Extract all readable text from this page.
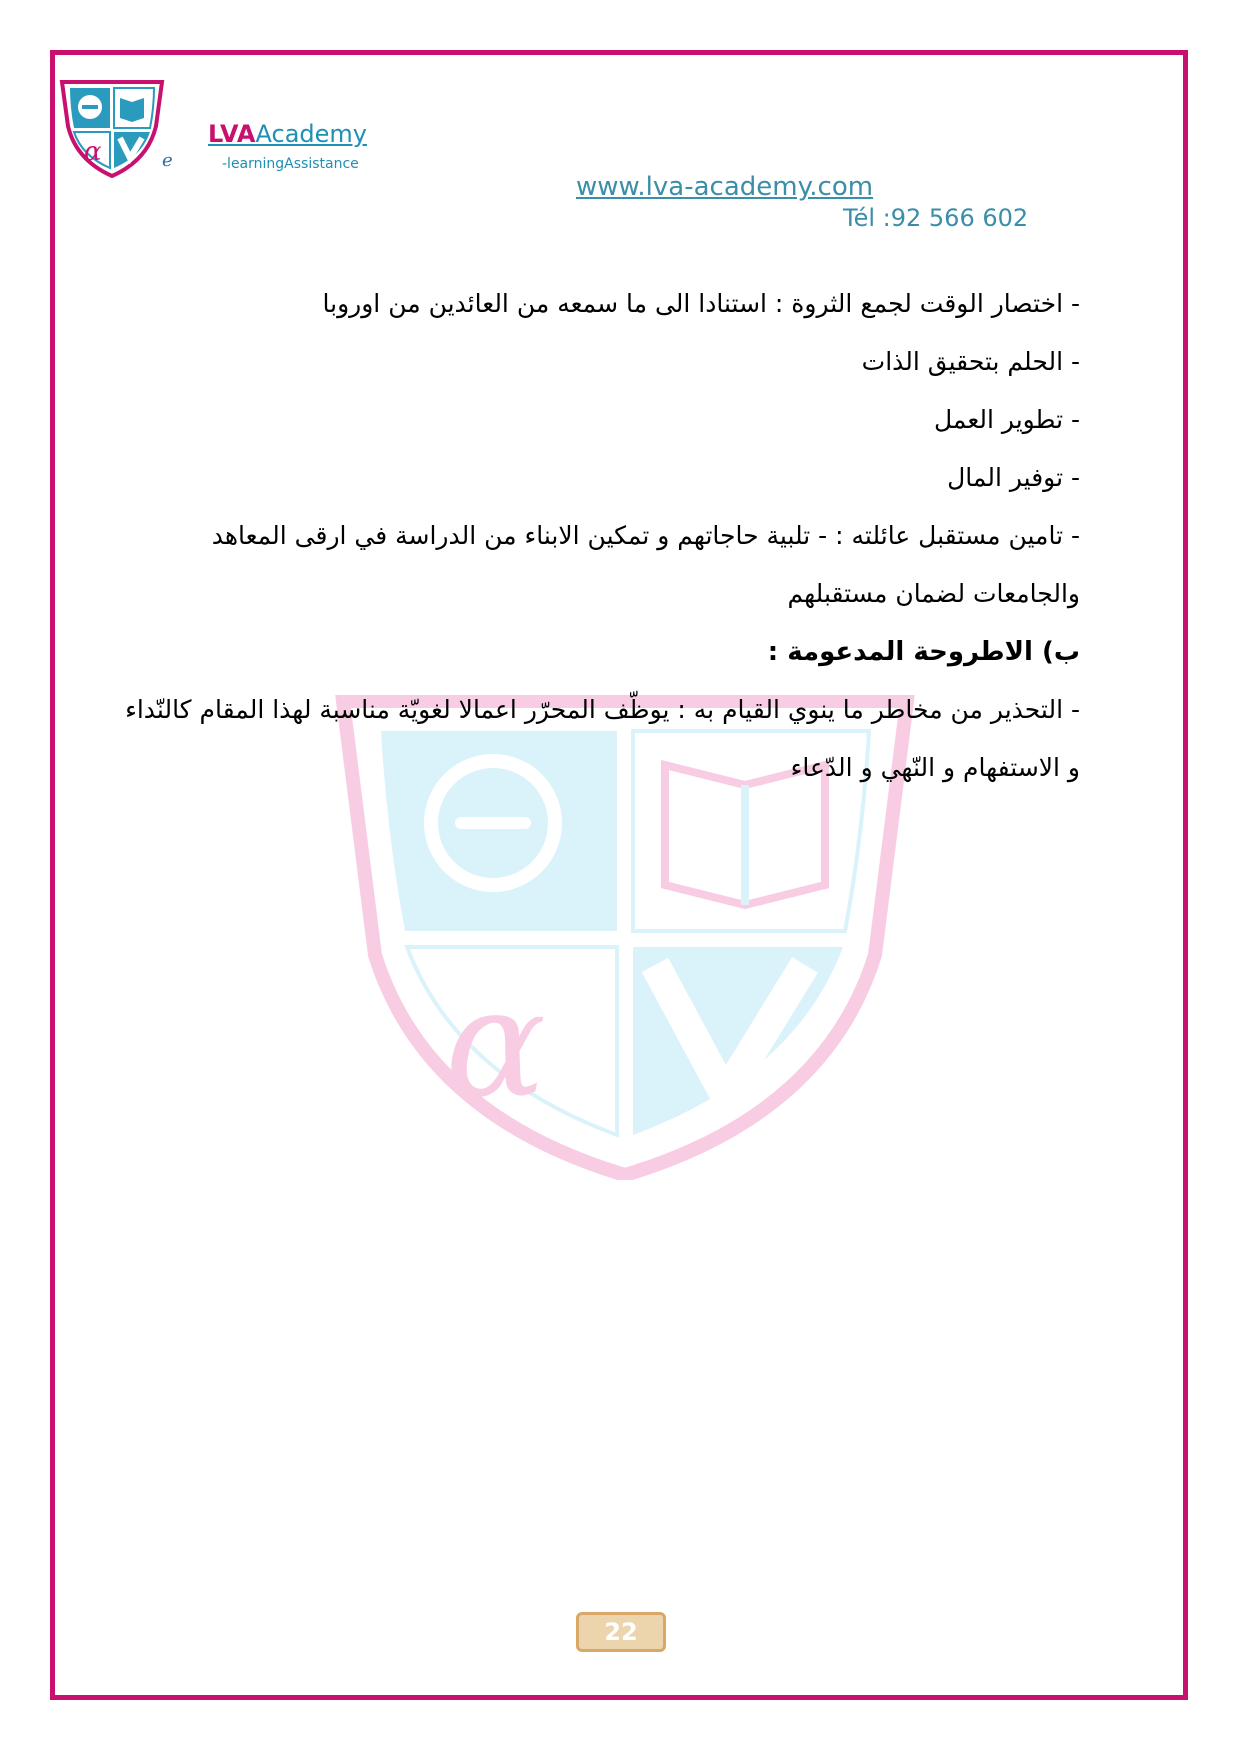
α	e
LVAAcademy
-learningAssistance
www.lva-academy.com
Tél :92 566 602
α
- اختصار الوقت لجمع الثروة : استنادا الى ما سمعه من العائدين من اوروبا
- الحلم بتحقيق الذات
- تطوير العمل
- توفير المال
- تامين مستقبل عائلته : - تلبية حاجاتهم و تمكين الابناء من الدراسة في ارقى المعاهد
والجامعات لضمان مستقبلهم
ب) الاطروحة المدعومة :
- التحذير من مخاطر ما ينوي القيام به : يوظّف المحرّر اعمالا لغويّة مناسبة لهذا المقام كالنّداء
و الاستفهام و النّهي و الدّعاء
22
